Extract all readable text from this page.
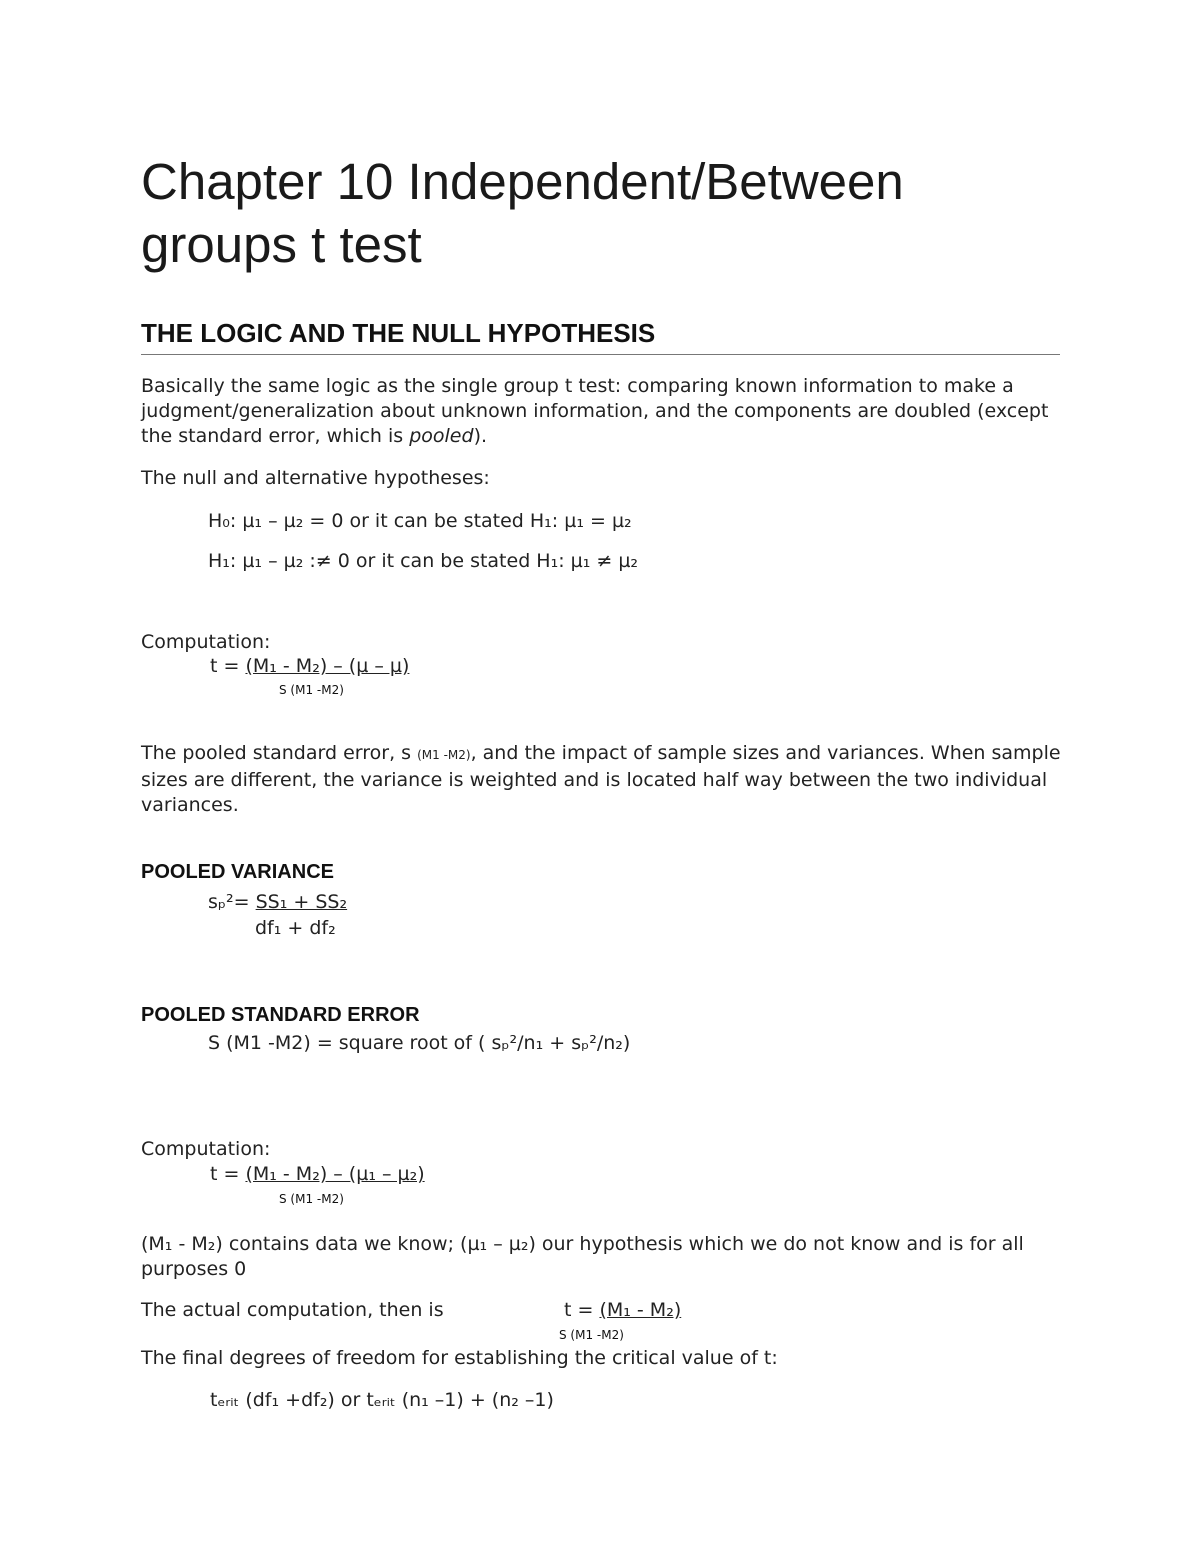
Chapter 10 Independent/Between groups t test
THE LOGIC AND THE NULL HYPOTHESIS
Basically the same logic as the single group t test: comparing known information to make a judgment/generalization about unknown information, and the components are doubled (except the standard error, which is pooled).
The null and alternative hypotheses:
H₀: µ₁ – µ₂ = 0 or it can be stated H₁: µ₁ = µ₂
H₁: µ₁ – µ₂ :≠ 0 or it can be stated H₁: µ₁ ≠ µ₂
Computation:
t = (M₁ - M₂) – (µ – µ)
S (M1 -M2)
The pooled standard error, s (M1 -M2), and the impact of sample sizes and variances. When sample sizes are different, the variance is weighted and is located half way between the two individual variances.
POOLED VARIANCE
sₚ²= SS₁ + SS₂
df₁ + df₂
POOLED STANDARD ERROR
S (M1 -M2) = square root of ( sₚ²/n₁ + sₚ²/n₂)
Computation:
t = (M₁ - M₂) – (µ₁ – µ₂)
S (M1 -M2)
(M₁ - M₂) contains data we know; (µ₁ – µ₂) our hypothesis which we do not know and is for all purposes 0
The actual computation, then is	t = (M₁ - M₂)
S (M1 -M2)
The final degrees of freedom for establishing the critical value of t:
tₑᵣᵢₜ (df₁ +df₂) or tₑᵣᵢₜ (n₁ –1) + (n₂ –1)
